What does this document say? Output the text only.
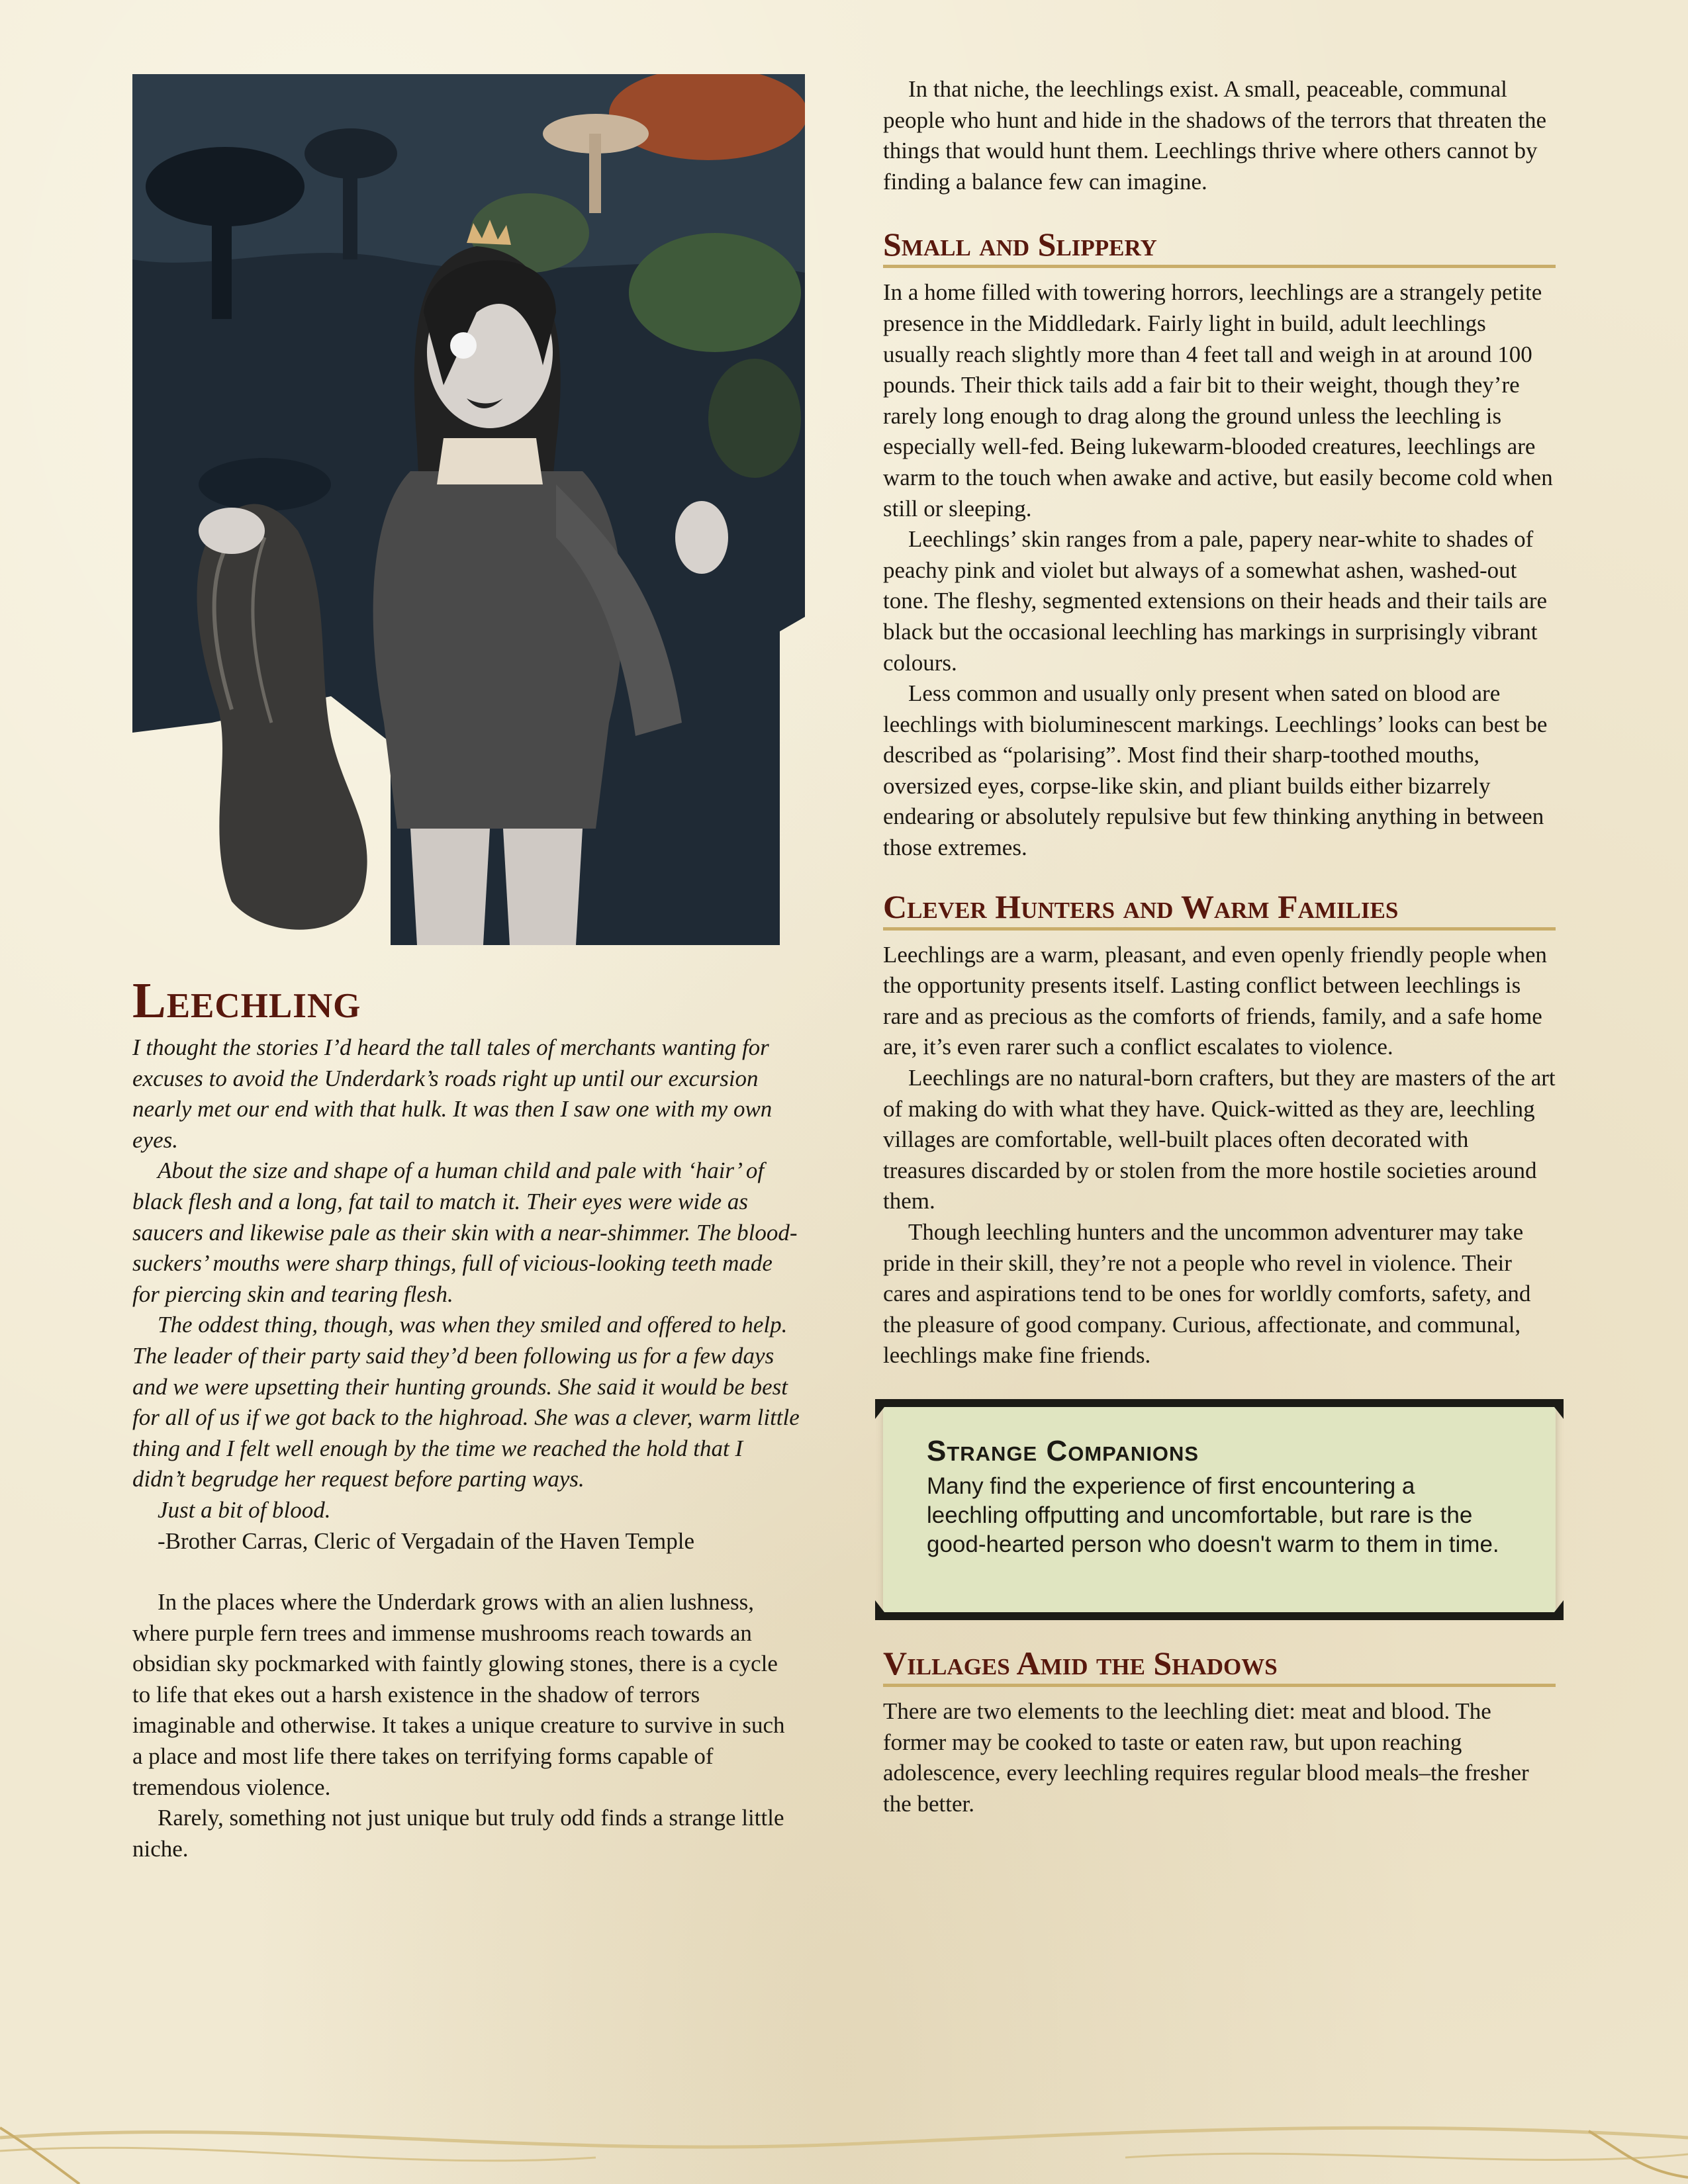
Leechling

I thought the stories I’d heard the tall tales of merchants wanting for excuses to avoid the Underdark’s roads right up until our excursion nearly met our end with that hulk. It was then I saw one with my own eyes.

About the size and shape of a human child and pale with ‘hair’ of black flesh and a long, fat tail to match it. Their eyes were wide as saucers and likewise pale as their skin with a near-shimmer. The blood-suckers’ mouths were sharp things, full of vicious-looking teeth made for piercing skin and tearing flesh.

The oddest thing, though, was when they smiled and offered to help. The leader of their party said they’d been following us for a few days and we were upsetting their hunting grounds. She said it would be best for all of us if we got back to the highroad. She was a clever, warm little thing and I felt well enough by the time we reached the hold that I didn’t begrudge her request before parting ways.

Just a bit of blood.

-Brother Carras, Cleric of Vergadain of the Haven Temple

In the places where the Underdark grows with an alien lushness, where purple fern trees and immense mushrooms reach towards an obsidian sky pockmarked with faintly glowing stones, there is a cycle to life that ekes out a harsh existence in the shadow of terrors imaginable and otherwise. It takes a unique creature to survive in such a place and most life there takes on terrifying forms capable of tremendous violence.

Rarely, something not just unique but truly odd finds a strange little niche.

In that niche, the leechlings exist. A small, peaceable, communal people who hunt and hide in the shadows of the terrors that threaten the things that would hunt them. Leechlings thrive where others cannot by finding a balance few can imagine.

Small and Slippery

In a home filled with towering horrors, leechlings are a strangely petite presence in the Middledark. Fairly light in build, adult leechlings usually reach slightly more than 4 feet tall and weigh in at around 100 pounds. Their thick tails add a fair bit to their weight, though they’re rarely long enough to drag along the ground unless the leechling is especially well-fed. Being lukewarm-blooded creatures, leechlings are warm to the touch when awake and active, but easily become cold when still or sleeping.

Leechlings’ skin ranges from a pale, papery near-white to shades of peachy pink and violet but always of a somewhat ashen, washed-out tone. The fleshy, segmented extensions on their heads and their tails are black but the occasional leechling has markings in surprisingly vibrant colours.

Less common and usually only present when sated on blood are leechlings with bioluminescent markings. Leechlings’ looks can best be described as “polarising”. Most find their sharp-toothed mouths, oversized eyes, corpse-like skin, and pliant builds either bizarrely endearing or absolutely repulsive but few thinking anything in between those extremes.

Clever Hunters and Warm Families

Leechlings are a warm, pleasant, and even openly friendly people when the opportunity presents itself. Lasting conflict between leechlings is rare and as precious as the comforts of friends, family, and a safe home are, it’s even rarer such a conflict escalates to violence.

Leechlings are no natural-born crafters, but they are masters of the art of making do with what they have. Quick-witted as they are, leechling villages are comfortable, well-built places often decorated with treasures discarded by or stolen from the more hostile societies around them.

Though leechling hunters and the uncommon adventurer may take pride in their skill, they’re not a people who revel in violence. Their cares and aspirations tend to be ones for worldly comforts, safety, and the pleasure of good company. Curious, affectionate, and communal, leechlings make fine friends.

Strange Companions

Many find the experience of first encountering a leechling offputting and uncomfortable, but rare is the good-hearted person who doesn't warm to them in time.

Villages Amid the Shadows

There are two elements to the leechling diet: meat and blood. The former may be cooked to taste or eaten raw, but upon reaching adolescence, every leechling requires regular blood meals–the fresher the better.
